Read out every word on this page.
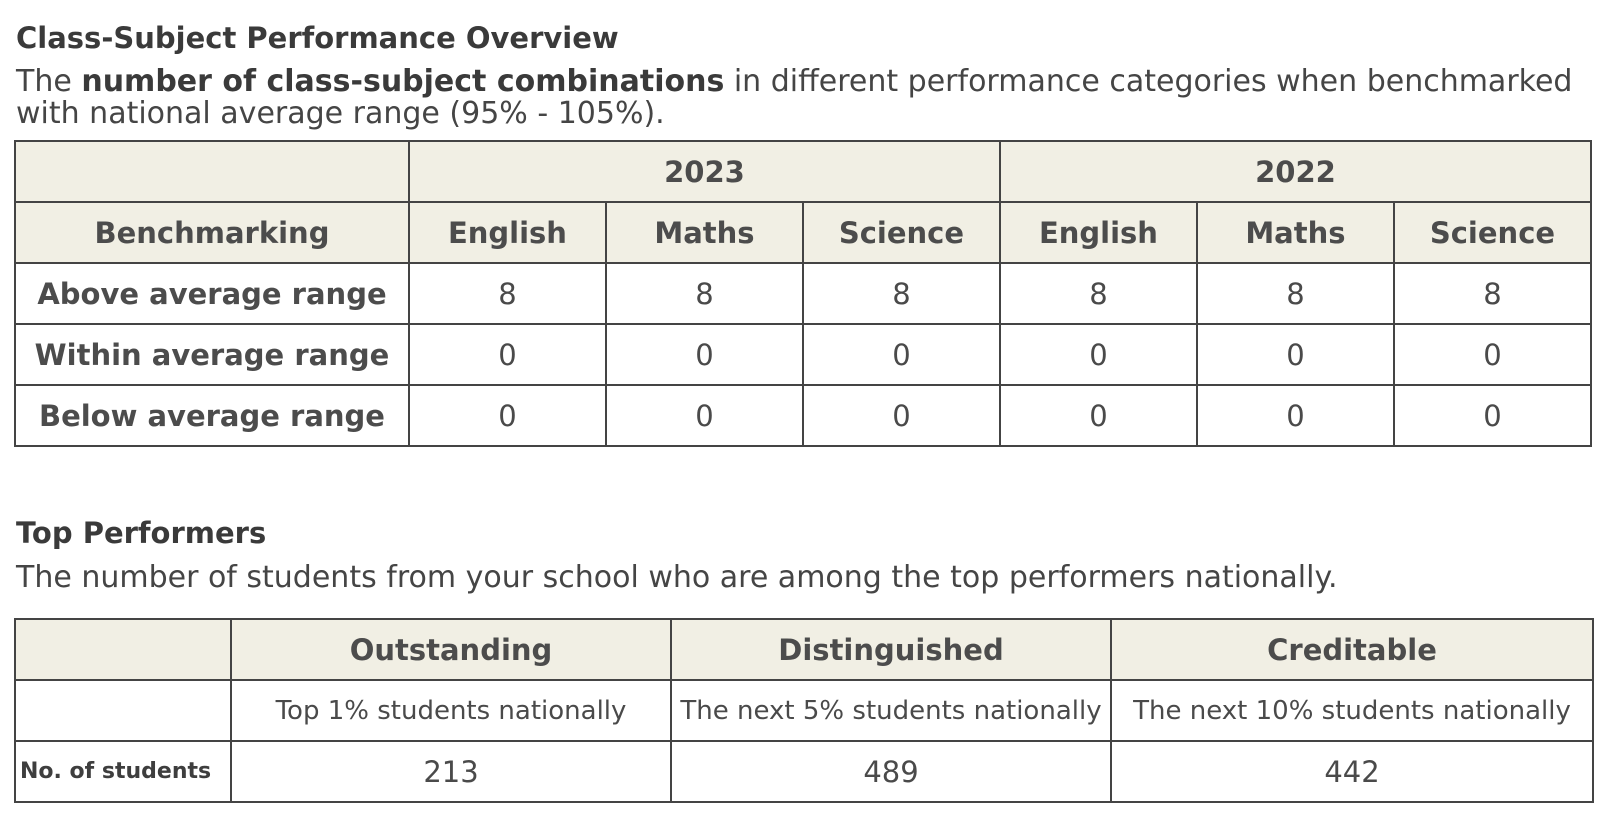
Class-Subject Performance Overview

The number of class-subject combinations in different performance categories when benchmarked with national average range (95% - 105%).

	2023			2022		
Benchmarking	English	Maths	Science	English	Maths	Science
Above average range	8	8	8	8	8	8
Within average range	0	0	0	0	0	0
Below average range	0	0	0	0	0	0
Top Performers

The number of students from your school who are among the top performers nationally.

	Outstanding	Distinguished	Creditable
	Top 1% students nationally	The next 5% students nationally	The next 10% students nationally
No. of students	213	489	442
